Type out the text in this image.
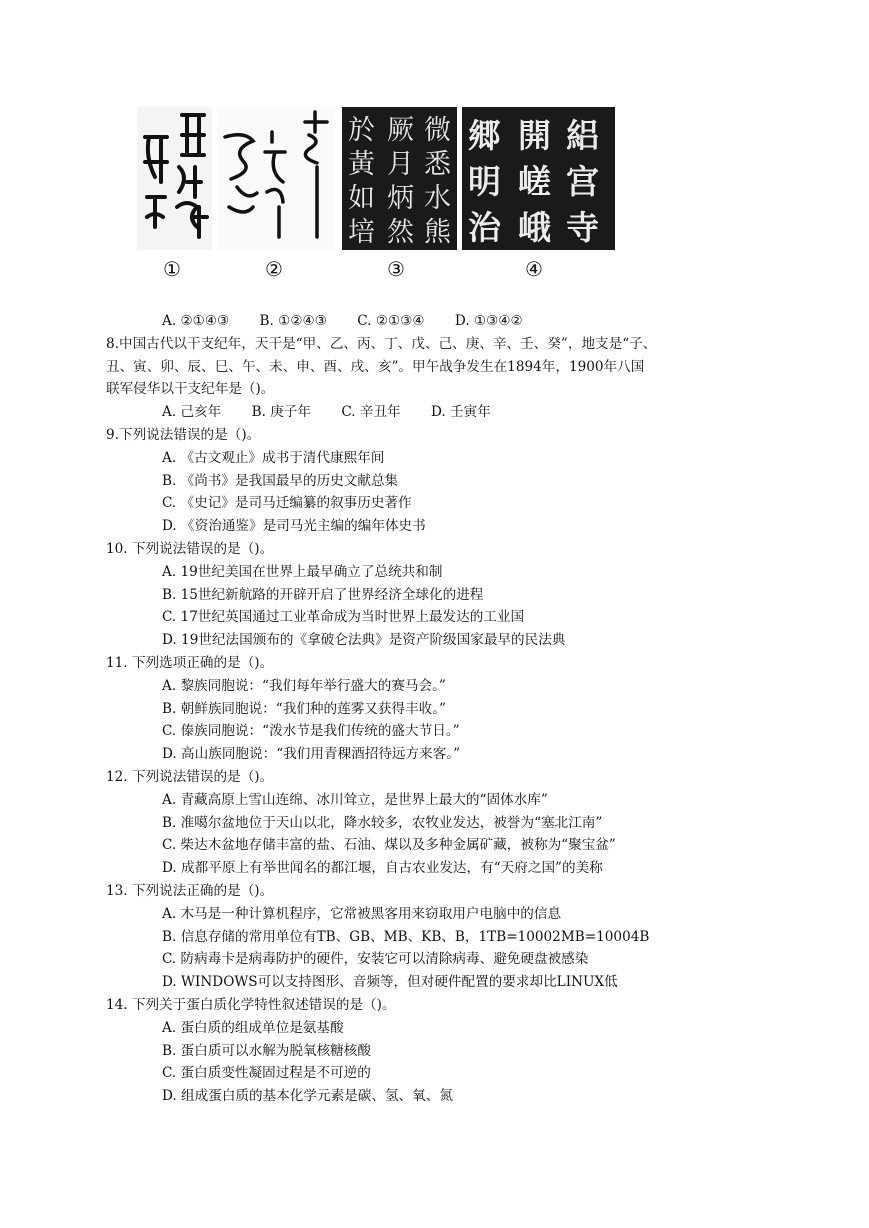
微
悉
水
熊
厥
月
炳
然
於
黃
如
培
絽
宫
寺
開
嵯
峨
郷
明
治
①	②	③	④
A. ②①④③ B. ①②④③ C. ②①③④ D. ①③④②
8.中国古代以干支纪年，天干是“甲、乙、丙、丁、戊、己、庚、辛、壬、癸”，地支是“子、
丑、寅、卯、辰、巳、午、未、申、酉、戌、亥”。甲午战争发生在1894年，1900年八国
联军侵华以干支纪年是（)。
A. 己亥年 B. 庚子年 C. 辛丑年 D. 壬寅年
9.下列说法错误的是（)。
A. 《古文观止》成书于清代康熙年间
B. 《尚书》是我国最早的历史文献总集
C. 《史记》是司马迁编纂的叙事历史著作
D. 《资治通鉴》是司马光主编的编年体史书
10. 下列说法错误的是（)。
A. 19世纪美国在世界上最早确立了总统共和制
B. 15世纪新航路的开辟开启了世界经济全球化的进程
C. 17世纪英国通过工业革命成为当时世界上最发达的工业国
D. 19世纪法国颁布的《拿破仑法典》是资产阶级国家最早的民法典
11. 下列选项正确的是（)。
A. 黎族同胞说：“我们每年举行盛大的赛马会。”
B. 朝鲜族同胞说：“我们种的莲雾又获得丰收。”
C. 傣族同胞说：“泼水节是我们传统的盛大节日。”
D. 高山族同胞说：“我们用青稞酒招待远方来客。”
12. 下列说法错误的是（)。
A. 青藏高原上雪山连绵、冰川耸立，是世界上最大的“固体水库”
B. 准噶尔盆地位于天山以北，降水较多，农牧业发达，被誉为“塞北江南”
C. 柴达木盆地存储丰富的盐、石油、煤以及多种金属矿藏，被称为“聚宝盆”
D. 成都平原上有举世闻名的都江堰，自古农业发达，有“天府之国”的美称
13. 下列说法正确的是（)。
A. 木马是一种计算机程序，它常被黑客用来窃取用户电脑中的信息
B. 信息存储的常用单位有TB、GB、MB、KB、B，1TB=10002MB=10004B
C. 防病毒卡是病毒防护的硬件，安装它可以清除病毒、避免硬盘被感染
D. WINDOWS可以支持图形、音频等，但对硬件配置的要求却比LINUX低
14. 下列关于蛋白质化学特性叙述错误的是（)。
A. 蛋白质的组成单位是氨基酸
B. 蛋白质可以水解为脱氧核糖核酸
C. 蛋白质变性凝固过程是不可逆的
D. 组成蛋白质的基本化学元素是碳、氢、氧、氮
